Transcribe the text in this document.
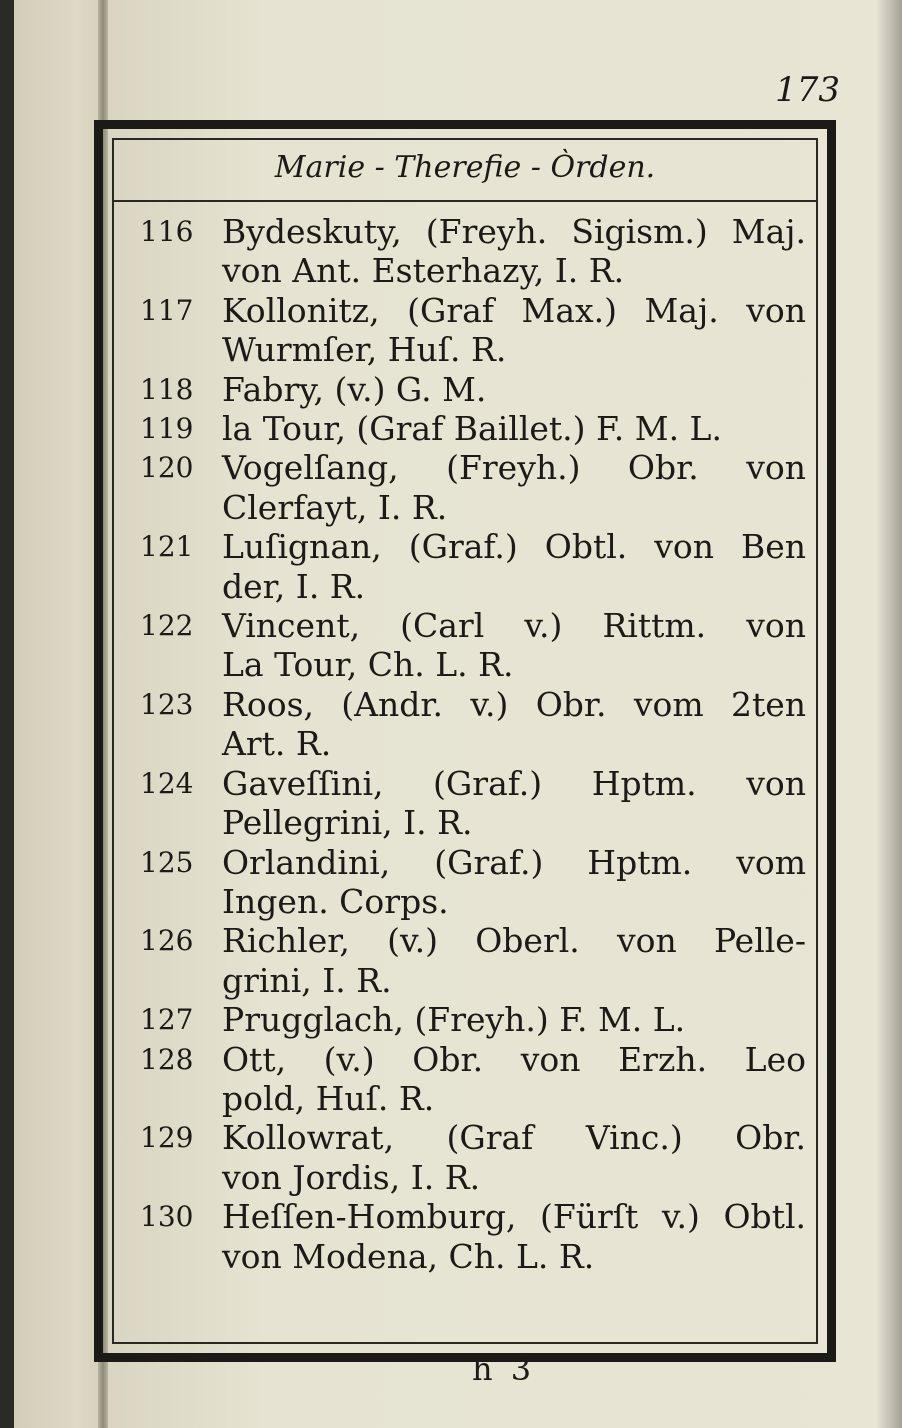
173
Marie - Therefie - Òrden.
116 Bydeskuty, (Freyh. Sigism.) Maj.
von Ant. Esterhazy, I. R.
117 Kollonitz, (Graf Max.) Maj. von
Wurmſer, Huſ. R.
118 Fabry, (v.) G. M.
119 la Tour, (Graf Baillet.) F. M. L.
120 Vogelſang, (Freyh.) Obr. von
Clerfayt, I. R.
121 Luſignan, (Graf.) Obtl. von Ben
der, I. R.
122 Vincent, (Carl v.) Rittm. von
La Tour, Ch. L. R.
123 Roos, (Andr. v.) Obr. vom 2ten
Art. R.
124 Gaveſſini, (Graf.) Hptm. von
Pellegrini, I. R.
125 Orlandini, (Graf.) Hptm. vom
Ingen. Corps.
126 Richler, (v.) Oberl. von Pelle-
grini, I. R.
127 Prugglach, (Freyh.) F. M. L.
128 Ott, (v.) Obr. von Erzh. Leo
pold, Huſ. R.
129 Kollowrat, (Graf Vinc.) Obr.
von Jordis, I. R.
130 Heſſen-Homburg, (Fürſt v.) Obtl.
von Modena, Ch. L. R.
h 3
